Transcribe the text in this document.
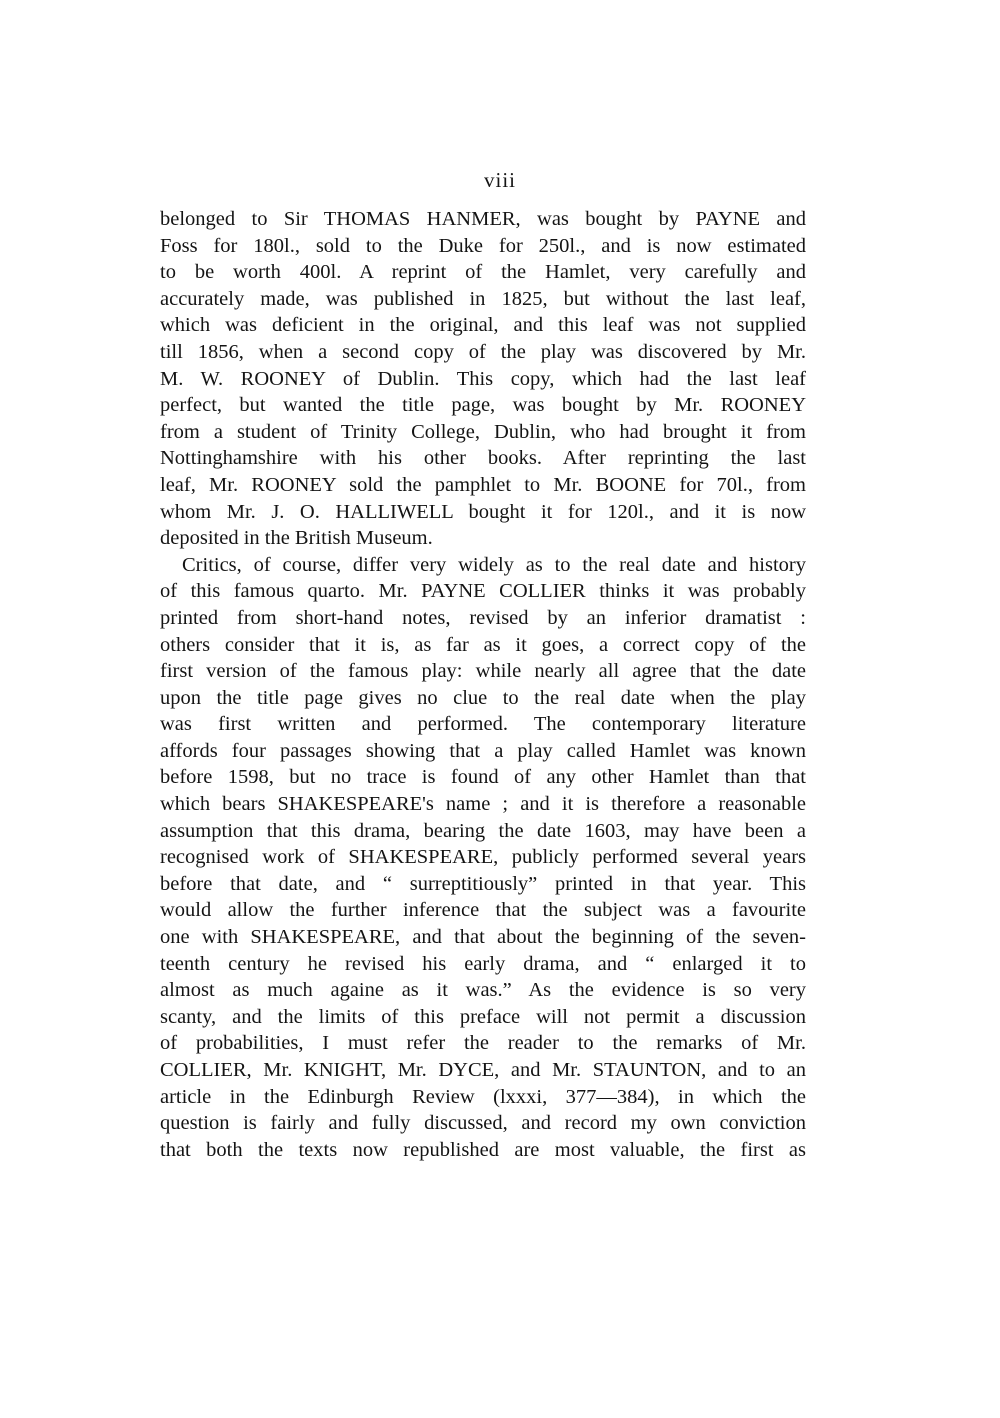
viii
belonged to Sir THOMAS HANMER, was bought by PAYNE and
Foss for 180l., sold to the Duke for 250l., and is now estimated
to be worth 400l. A reprint of the Hamlet, very carefully and
accurately made, was published in 1825, but without the last leaf,
which was deficient in the original, and this leaf was not supplied
till 1856, when a second copy of the play was discovered by Mr.
M. W. ROONEY of Dublin. This copy, which had the last leaf
perfect, but wanted the title page, was bought by Mr. ROONEY
from a student of Trinity College, Dublin, who had brought it from
Nottinghamshire with his other books. After reprinting the last
leaf, Mr. ROONEY sold the pamphlet to Mr. BOONE for 70l., from
whom Mr. J. O. HALLIWELL bought it for 120l., and it is now
deposited in the British Museum.
Critics, of course, differ very widely as to the real date and history
of this famous quarto. Mr. PAYNE COLLIER thinks it was probably
printed from short-hand notes, revised by an inferior dramatist :
others consider that it is, as far as it goes, a correct copy of the
first version of the famous play: while nearly all agree that the date
upon the title page gives no clue to the real date when the play
was first written and performed. The contemporary literature
affords four passages showing that a play called Hamlet was known
before 1598, but no trace is found of any other Hamlet than that
which bears SHAKESPEARE's name ; and it is therefore a reasonable
assumption that this drama, bearing the date 1603, may have been a
recognised work of SHAKESPEARE, publicly performed several years
before that date, and “ surreptitiously” printed in that year. This
would allow the further inference that the subject was a favourite
one with SHAKESPEARE, and that about the beginning of the seven-
teenth century he revised his early drama, and “ enlarged it to
almost as much againe as it was.” As the evidence is so very
scanty, and the limits of this preface will not permit a discussion
of probabilities, I must refer the reader to the remarks of Mr.
COLLIER, Mr. KNIGHT, Mr. DYCE, and Mr. STAUNTON, and to an
article in the Edinburgh Review (lxxxi, 377—384), in which the
question is fairly and fully discussed, and record my own conviction
that both the texts now republished are most valuable, the first as
